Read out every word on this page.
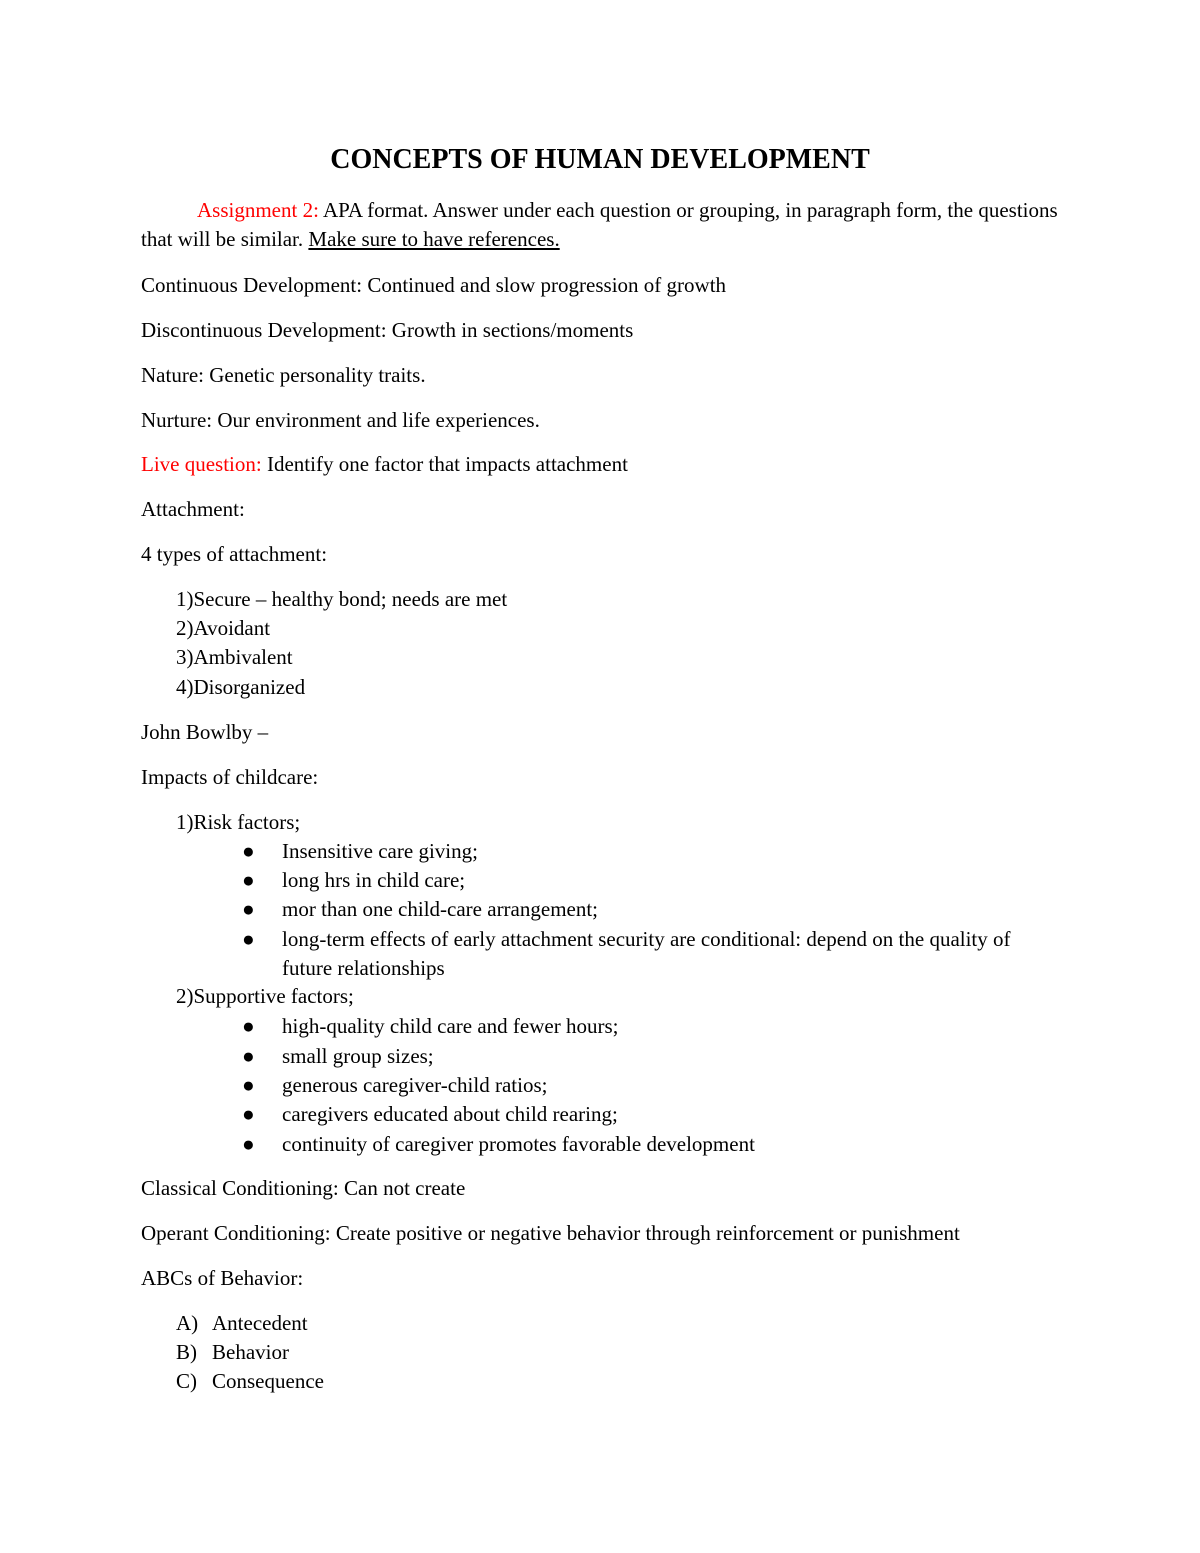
CONCEPTS OF HUMAN DEVELOPMENT
Assignment 2: APA format. Answer under each question or grouping, in paragraph form, the questions that will be similar. Make sure to have references.
Continuous Development: Continued and slow progression of growth
Discontinuous Development: Growth in sections/moments
Nature: Genetic personality traits.
Nurture: Our environment and life experiences.
Live question: Identify one factor that impacts attachment
Attachment:
4 types of attachment:
1)Secure – healthy bond; needs are met
2)Avoidant
3)Ambivalent
4)Disorganized
John Bowlby –
Impacts of childcare:
1)Risk factors;
● Insensitive care giving;
● long hrs in child care;
● mor than one child-care arrangement;
● long-term effects of early attachment security are conditional: depend on the quality of future relationships
2)Supportive factors;
● high-quality child care and fewer hours;
● small group sizes;
● generous caregiver-child ratios;
● caregivers educated about child rearing;
● continuity of caregiver promotes favorable development
Classical Conditioning: Can not create
Operant Conditioning: Create positive or negative behavior through reinforcement or punishment
ABCs of Behavior:
A) Antecedent
B) Behavior
C) Consequence
